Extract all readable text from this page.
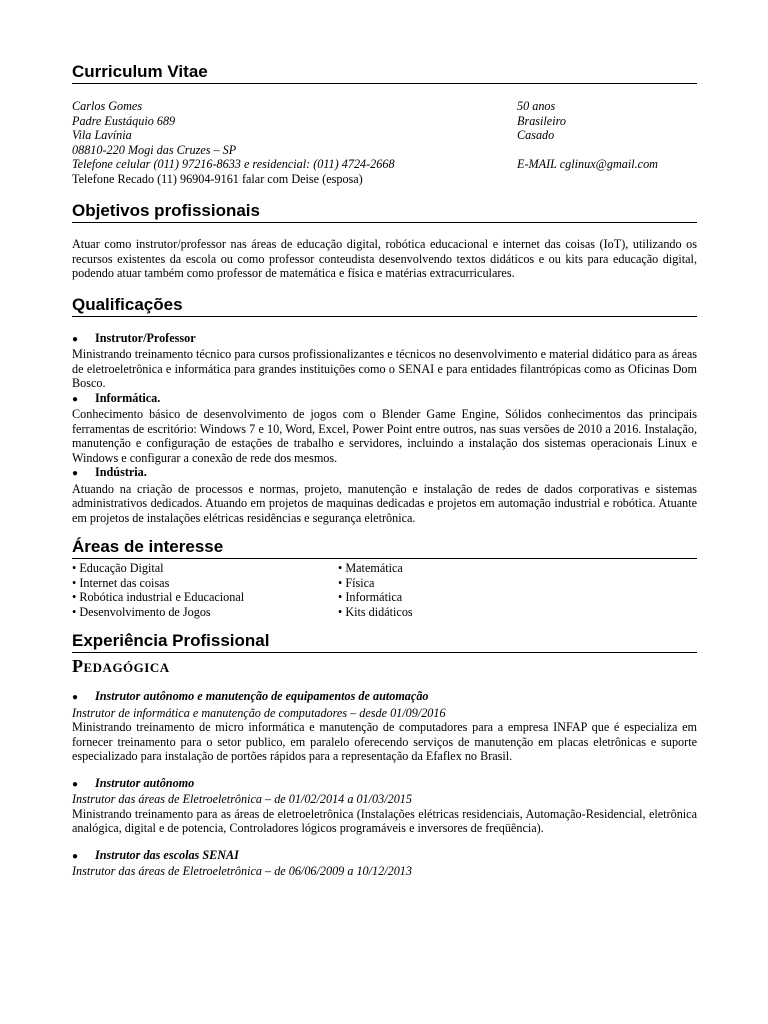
Curriculum Vitae
Carlos Gomes
Padre Eustáquio 689
Vila Lavínia
08810-220 Mogi das Cruzes – SP
Telefone celular (011) 97216-8633 e residencial: (011) 4724-2668
Telefone Recado (11) 96904-9161 falar com Deise (esposa)
50 anos
Brasileiro
Casado

E-MAIL cglinux@gmail.com
Objetivos profissionais

Atuar como instrutor/professor nas áreas de educação digital, robótica educacional e internet das coisas (IoT), utilizando os recursos existentes da escola ou como professor conteudista desenvolvendo textos didáticos e ou kits para educação digital, podendo atuar também como professor de matemática e física e matérias extracurriculares.

Qualificações
●	Instrutor/Professor

Ministrando treinamento técnico para cursos profissionalizantes e técnicos no desenvolvimento e material didático para as áreas de eletroeletrônica e informática para grandes instituições como o SENAI e para entidades filantrópicas como as Oficinas Dom Bosco.

●	Informática.

Conhecimento básico de desenvolvimento de jogos com o Blender Game Engine, Sólidos conhecimentos das principais ferramentas de escritório: Windows 7 e 10, Word, Excel, Power Point entre outros, nas suas versões de 2010 a 2016. Instalação, manutenção e configuração de estações de trabalho e servidores, incluindo a instalação dos sistemas operacionais Linux e Windows e configurar a conexão de rede dos mesmos.

●	Indústria.

Atuando na criação de processos e normas, projeto, manutenção e instalação de redes de dados corporativas e sistemas administrativos dedicados. Atuando em projetos de maquinas dedicadas e projetos em automação industrial e robótica. Atuante em projetos de instalações elétricas residências e segurança eletrônica.

Áreas de interesse
• Educação Digital
• Internet das coisas
• Robótica industrial e Educacional
• Desenvolvimento de Jogos
• Matemática
• Física
• Informática
• Kits didáticos
Experiência Profissional
Pedagógica
●	Instrutor autônomo e manutenção de equipamentos de automação
Instrutor de informática e manutenção de computadores – desde 01/09/2016

Ministrando treinamento de micro informática e manutenção de computadores para a empresa INFAP que é especializa em fornecer treinamento para o setor publico, em paralelo oferecendo serviços de manutenção em placas eletrônicas e suporte especializado para instalação de portões rápidos para a representação da Efaflex no Brasil.

●	Instrutor autônomo
Instrutor das áreas de Eletroeletrônica – de 01/02/2014 a 01/03/2015

Ministrando treinamento para as áreas de eletroeletrônica (Instalações elétricas residenciais, Automação-Residencial, eletrônica analógica, digital e de potencia, Controladores lógicos programáveis e inversores de freqüência).

●	Instrutor das escolas SENAI
Instrutor das áreas de Eletroeletrônica – de 06/06/2009 a 10/12/2013
